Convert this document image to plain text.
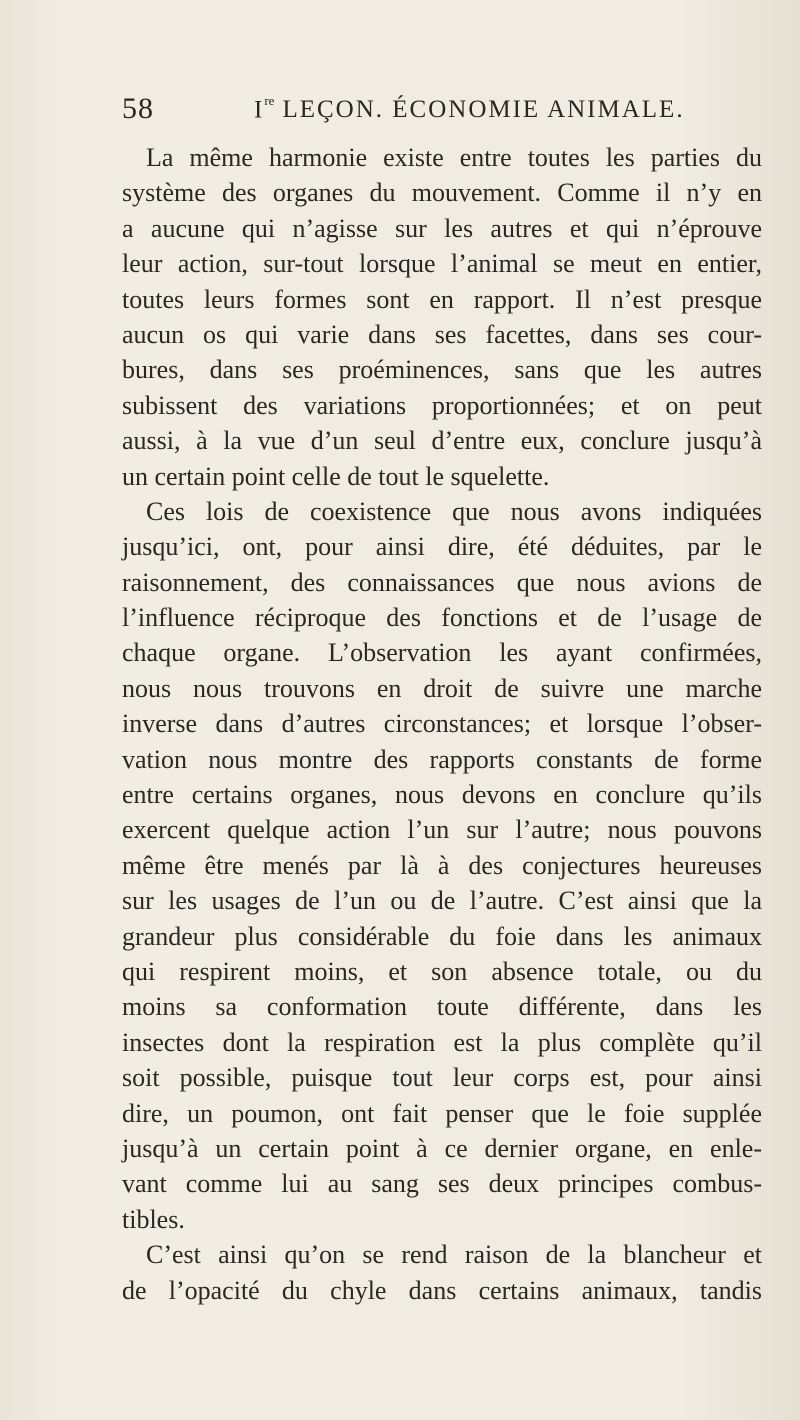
58	Ire LEÇON. ÉCONOMIE ANIMALE.
La même harmonie existe entre toutes les parties du
système des organes du mouvement. Comme il n’y en
a aucune qui n’agisse sur les autres et qui n’éprouve
leur action, sur-tout lorsque l’animal se meut en entier,
toutes leurs formes sont en rapport. Il n’est presque
aucun os qui varie dans ses facettes, dans ses cour-
bures, dans ses proéminences, sans que les autres
subissent des variations proportionnées; et on peut
aussi, à la vue d’un seul d’entre eux, conclure jusqu’à
un certain point celle de tout le squelette.
Ces lois de coexistence que nous avons indiquées
jusqu’ici, ont, pour ainsi dire, été déduites, par le
raisonnement, des connaissances que nous avions de
l’influence réciproque des fonctions et de l’usage de
chaque organe. L’observation les ayant confirmées,
nous nous trouvons en droit de suivre une marche
inverse dans d’autres circonstances; et lorsque l’obser-
vation nous montre des rapports constants de forme
entre certains organes, nous devons en conclure qu’ils
exercent quelque action l’un sur l’autre; nous pouvons
même être menés par là à des conjectures heureuses
sur les usages de l’un ou de l’autre. C’est ainsi que la
grandeur plus considérable du foie dans les animaux
qui respirent moins, et son absence totale, ou du
moins sa conformation toute différente, dans les
insectes dont la respiration est la plus complète qu’il
soit possible, puisque tout leur corps est, pour ainsi
dire, un poumon, ont fait penser que le foie supplée
jusqu’à un certain point à ce dernier organe, en enle-
vant comme lui au sang ses deux principes combus-
tibles.
C’est ainsi qu’on se rend raison de la blancheur et
de l’opacité du chyle dans certains animaux, tandis
